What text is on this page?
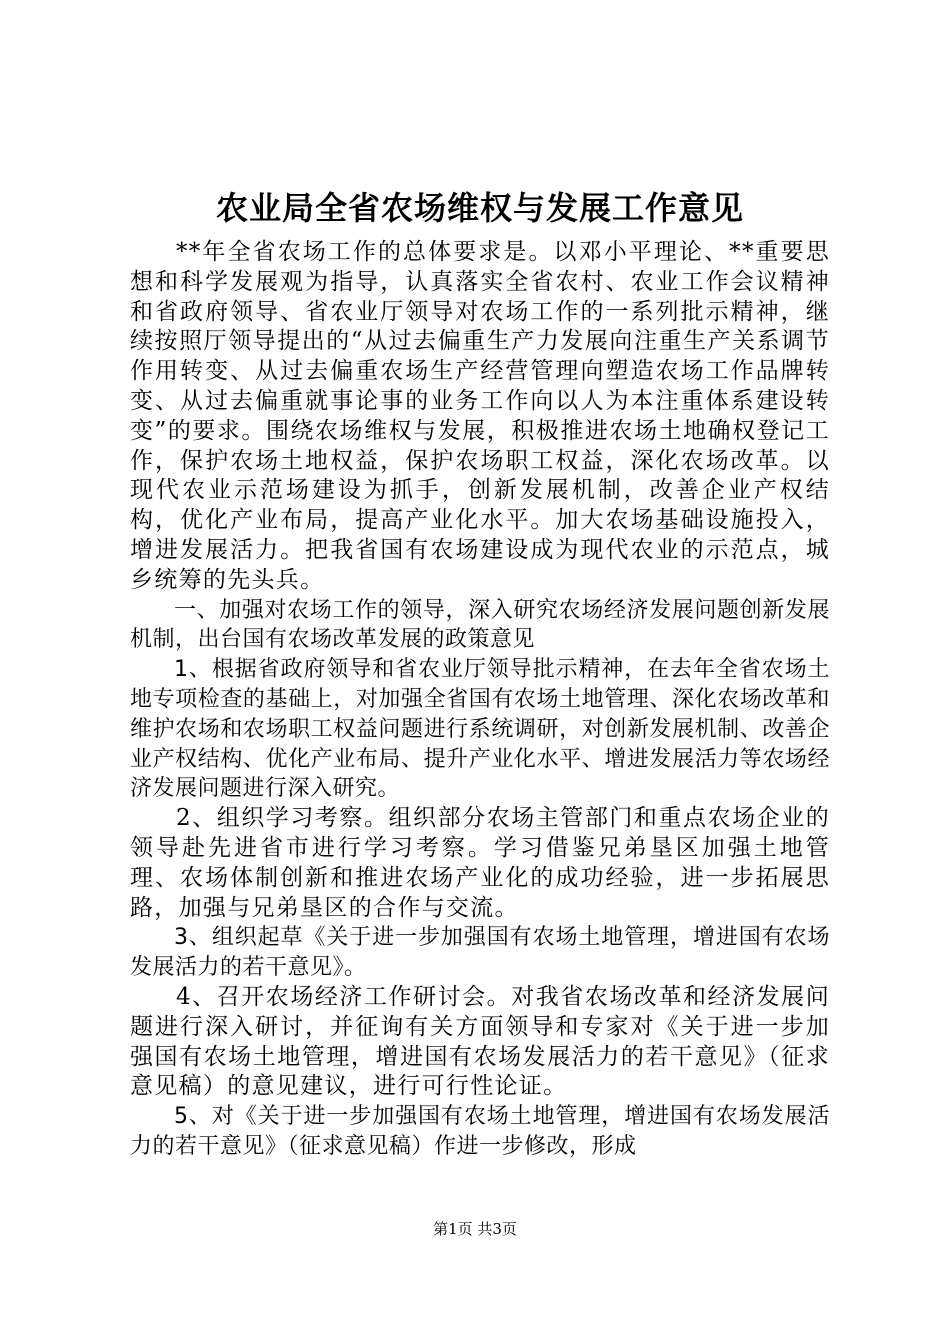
农业局全省农场维权与发展工作意见

**年全省农场工作的总体要求是。以邓小平理论、**重要思想和科学发展观为指导，认真落实全省农村、农业工作会议精神和省政府领导、省农业厅领导对农场工作的一系列批示精神，继续按照厅领导提出的“从过去偏重生产力发展向注重生产关系调节作用转变、从过去偏重农场生产经营管理向塑造农场工作品牌转变、从过去偏重就事论事的业务工作向以人为本注重体系建设转变”的要求。围绕农场维权与发展，积极推进农场土地确权登记工作，保护农场土地权益，保护农场职工权益，深化农场改革。以现代农业示范场建设为抓手，创新发展机制，改善企业产权结构，优化产业布局，提高产业化水平。加大农场基础设施投入，增进发展活力。把我省国有农场建设成为现代农业的示范点，城乡统筹的先头兵。

一、加强对农场工作的领导，深入研究农场经济发展问题创新发展机制，出台国有农场改革发展的政策意见

1、根据省政府领导和省农业厅领导批示精神，在去年全省农场土地专项检查的基础上，对加强全省国有农场土地管理、深化农场改革和维护农场和农场职工权益问题进行系统调研，对创新发展机制、改善企业产权结构、优化产业布局、提升产业化水平、增进发展活力等农场经济发展问题进行深入研究。

2、组织学习考察。组织部分农场主管部门和重点农场企业的领导赴先进省市进行学习考察。学习借鉴兄弟垦区加强土地管理、农场体制创新和推进农场产业化的成功经验，进一步拓展思路，加强与兄弟垦区的合作与交流。

3、组织起草《关于进一步加强国有农场土地管理，增进国有农场发展活力的若干意见》。

4、召开农场经济工作研讨会。对我省农场改革和经济发展问题进行深入研讨，并征询有关方面领导和专家对《关于进一步加强国有农场土地管理，增进国有农场发展活力的若干意见》（征求意见稿）的意见建议，进行可行性论证。

5、对《关于进一步加强国有农场土地管理，增进国有农场发展活力的若干意见》（征求意见稿）作进一步修改，形成

第1页 共3页
